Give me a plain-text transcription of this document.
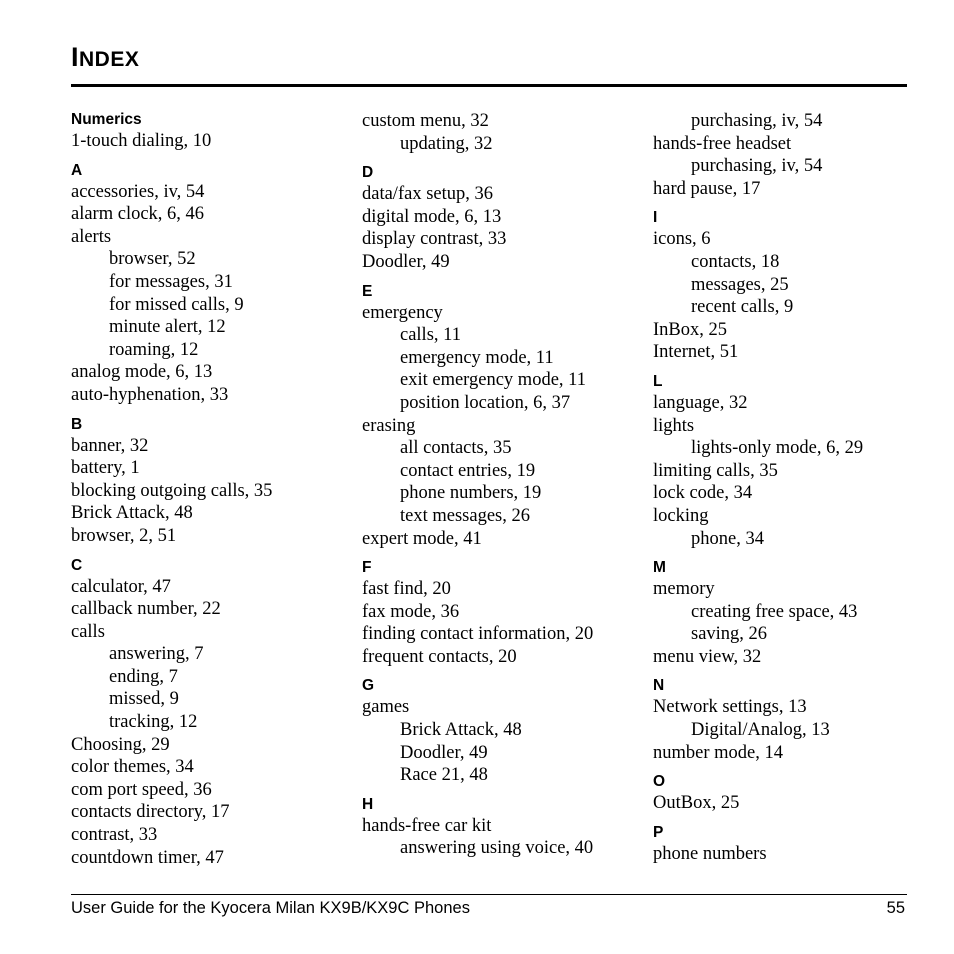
INDEX
Numerics
1-touch dialing, 10
A
accessories, iv, 54
alarm clock, 6, 46
alerts
browser, 52
for messages, 31
for missed calls, 9
minute alert, 12
roaming, 12
analog mode, 6, 13
auto-hyphenation, 33
B
banner, 32
battery, 1
blocking outgoing calls, 35
Brick Attack, 48
browser, 2, 51
C
calculator, 47
callback number, 22
calls
answering, 7
ending, 7
missed, 9
tracking, 12
Choosing, 29
color themes, 34
com port speed, 36
contacts directory, 17
contrast, 33
countdown timer, 47
custom menu, 32
updating, 32
D
data/fax setup, 36
digital mode, 6, 13
display contrast, 33
Doodler, 49
E
emergency
calls, 11
emergency mode, 11
exit emergency mode, 11
position location, 6, 37
erasing
all contacts, 35
contact entries, 19
phone numbers, 19
text messages, 26
expert mode, 41
F
fast find, 20
fax mode, 36
finding contact information, 20
frequent contacts, 20
G
games
Brick Attack, 48
Doodler, 49
Race 21, 48
H
hands-free car kit
answering using voice, 40
purchasing, iv, 54
hands-free headset
purchasing, iv, 54
hard pause, 17
I
icons, 6
contacts, 18
messages, 25
recent calls, 9
InBox, 25
Internet, 51
L
language, 32
lights
lights-only mode, 6, 29
limiting calls, 35
lock code, 34
locking
phone, 34
M
memory
creating free space, 43
saving, 26
menu view, 32
N
Network settings, 13
Digital/Analog, 13
number mode, 14
O
OutBox, 25
P
phone numbers
User Guide for the Kyocera Milan KX9B/KX9C Phones	55
